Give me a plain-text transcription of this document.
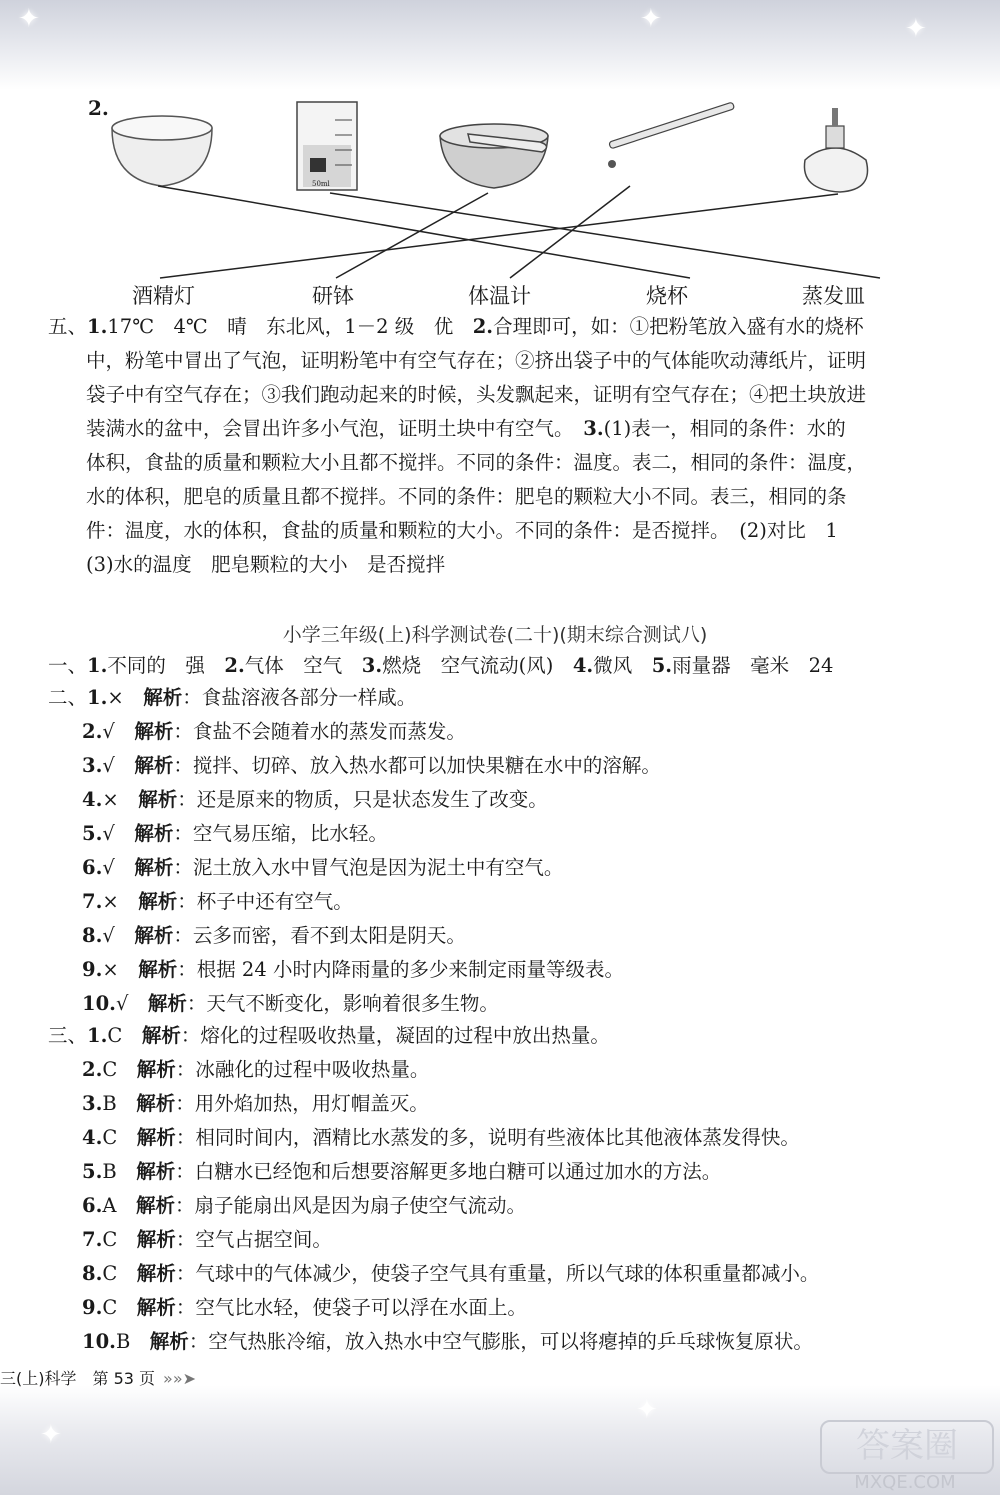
✦	✦	✦
✦
✦
2.
50ml
酒精灯	研钵	体温计	烧杯	蒸发皿
五、1.17℃　4℃　晴　东北风，1－2 级　优　2.合理即可，如：①把粉笔放入盛有水的烧杯
中，粉笔中冒出了气泡，证明粉笔中有空气存在；②挤出袋子中的气体能吹动薄纸片，证明
袋子中有空气存在；③我们跑动起来的时候，头发飘起来，证明有空气存在；④把土块放进
装满水的盆中，会冒出许多小气泡，证明土块中有空气。　3.(1)表一，相同的条件：水的
体积，食盐的质量和颗粒大小且都不搅拌。不同的条件：温度。表二，相同的条件：温度，
水的体积，肥皂的质量且都不搅拌。不同的条件：肥皂的颗粒大小不同。表三，相同的条
件：温度，水的体积，食盐的质量和颗粒的大小。不同的条件：是否搅拌。　(2)对比　1
(3)水的温度　肥皂颗粒的大小　是否搅拌
小学三年级(上)科学测试卷(二十)(期末综合测试八)
一、1.不同的　强　2.气体　空气　3.燃烧　空气流动(风)　4.微风　5.雨量器　毫米　24
二、1.×　 解析：食盐溶液各部分一样咸。
2.√　 解析：食盐不会随着水的蒸发而蒸发。
3.√　 解析：搅拌、切碎、放入热水都可以加快果糖在水中的溶解。
4.×　 解析：还是原来的物质，只是状态发生了改变。
5.√　 解析：空气易压缩，比水轻。
6.√　 解析：泥土放入水中冒气泡是因为泥土中有空气。
7.×　 解析：杯子中还有空气。
8.√　 解析：云多而密，看不到太阳是阴天。
9.×　 解析：根据 24 小时内降雨量的多少来制定雨量等级表。
10.√　 解析：天气不断变化，影响着很多生物。
三、1.C　 解析：熔化的过程吸收热量，凝固的过程中放出热量。
2.C　 解析：冰融化的过程中吸收热量。
3.B　 解析：用外焰加热，用灯帽盖灭。
4.C　 解析：相同时间内，酒精比水蒸发的多，说明有些液体比其他液体蒸发得快。
5.B　 解析：白糖水已经饱和后想要溶解更多地白糖可以通过加水的方法。
6.A　 解析：扇子能扇出风是因为扇子使空气流动。
7.C　 解析：空气占据空间。
8.C　 解析：气球中的气体减少，使袋子空气具有重量，所以气球的体积重量都减小。
9.C　 解析：空气比水轻，使袋子可以浮在水面上。
10.B　 解析：空气热胀冷缩，放入热水中空气膨胀，可以将瘪掉的乒乓球恢复原状。
三(上)科学　第 53 页 »»➤
答案圈
MXQE.COM
